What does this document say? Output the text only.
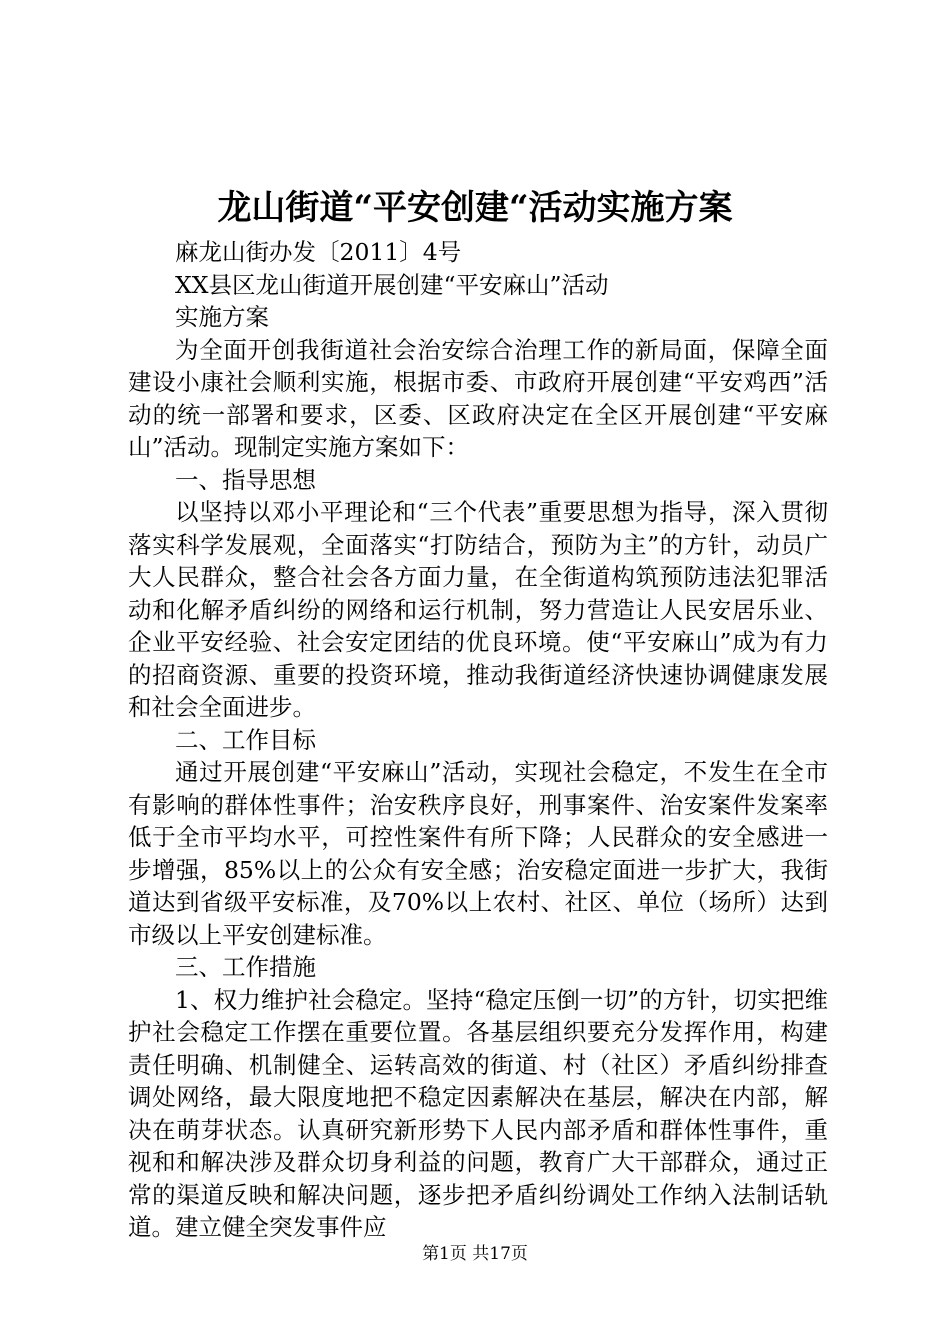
龙山街道“平安创建“活动实施方案

麻龙山街办发〔2011〕4号

XX县区龙山街道开展创建“平安麻山”活动

实施方案

为全面开创我街道社会治安综合治理工作的新局面，保障全面建设小康社会顺利实施，根据市委、市政府开展创建“平安鸡西”活动的统一部署和要求，区委、区政府决定在全区开展创建“平安麻山”活动。现制定实施方案如下：

一、指导思想

以坚持以邓小平理论和“三个代表”重要思想为指导，深入贯彻落实科学发展观，全面落实“打防结合，预防为主”的方针，动员广大人民群众，整合社会各方面力量，在全街道构筑预防违法犯罪活动和化解矛盾纠纷的网络和运行机制，努力营造让人民安居乐业、企业平安经验、社会安定团结的优良环境。使“平安麻山”成为有力的招商资源、重要的投资环境，推动我街道经济快速协调健康发展和社会全面进步。

二、工作目标

通过开展创建“平安麻山”活动，实现社会稳定，不发生在全市有影响的群体性事件；治安秩序良好，刑事案件、治安案件发案率低于全市平均水平，可控性案件有所下降；人民群众的安全感进一步增强，85%以上的公众有安全感；治安稳定面进一步扩大，我街道达到省级平安标准，及70%以上农村、社区、单位（场所）达到市级以上平安创建标准。

三、工作措施

1、权力维护社会稳定。坚持“稳定压倒一切”的方针，切实把维护社会稳定工作摆在重要位置。各基层组织要充分发挥作用，构建责任明确、机制健全、运转高效的街道、村（社区）矛盾纠纷排查调处网络，最大限度地把不稳定因素解决在基层，解决在内部，解决在萌芽状态。认真研究新形势下人民内部矛盾和群体性事件，重视和和解决涉及群众切身利益的问题，教育广大干部群众，通过正常的渠道反映和解决问题，逐步把矛盾纠纷调处工作纳入法制话轨道。建立健全突发事件应

第1页 共17页
